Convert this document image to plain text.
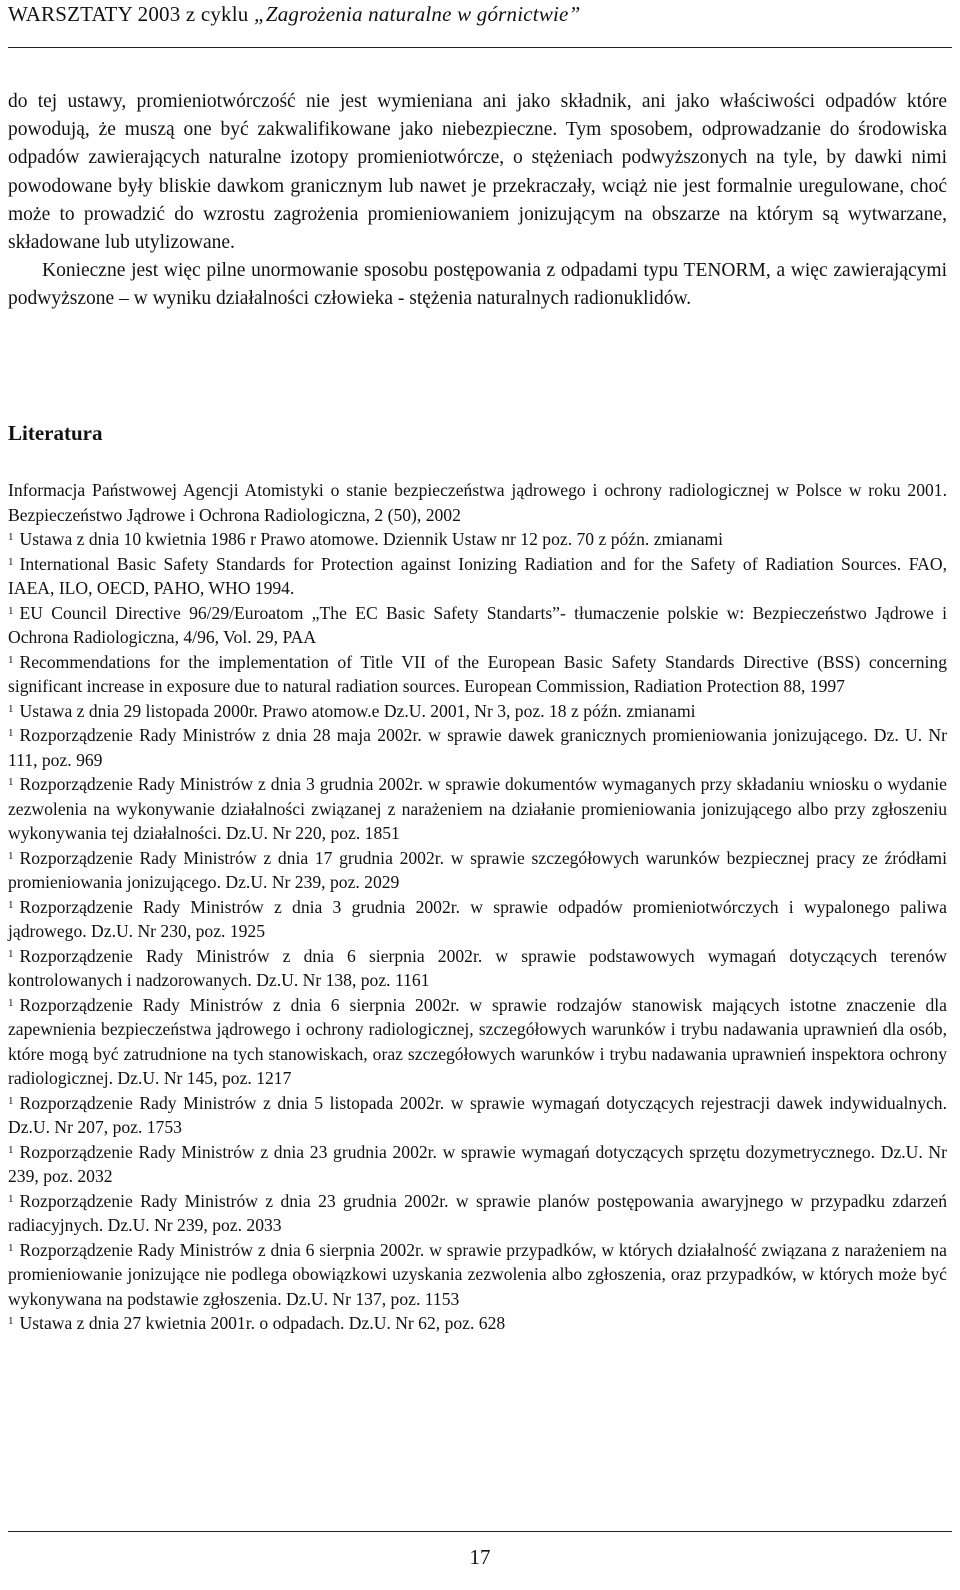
WARSZTATY 2003 z cyklu „Zagrożenia naturalne w górnictwie”

do tej ustawy, promieniotwórczość nie jest wymieniana ani jako składnik, ani jako właściwości odpadów które powodują, że muszą one być zakwalifikowane jako niebezpieczne. Tym sposobem, odprowadzanie do środowiska odpadów zawierających naturalne izotopy promieniotwórcze, o stężeniach podwyższonych na tyle, by dawki nimi powodowane były bliskie dawkom granicznym lub nawet je przekraczały, wciąż nie jest formalnie uregulowane, choć może to prowadzić do wzrostu zagrożenia promieniowaniem jonizującym na obszarze na którym są wytwarzane, składowane lub utylizowane.

Konieczne jest więc pilne unormowanie sposobu postępowania z odpadami typu TENORM, a więc zawierającymi podwyższone – w wyniku działalności człowieka - stężenia naturalnych radionuklidów.

Literatura

Informacja Państwowej Agencji Atomistyki o stanie bezpieczeństwa jądrowego i ochrony radiologicznej w Polsce w roku 2001. Bezpieczeństwo Jądrowe i Ochrona Radiologiczna, 2 (50), 2002

$^1$ Ustawa z dnia 10 kwietnia 1986 r Prawo atomowe. Dziennik Ustaw nr 12 poz. 70 z późn. zmianami

$^1$ International Basic Safety Standards for Protection against Ionizing Radiation and for the Safety of Radiation Sources. FAO, IAEA, ILO, OECD, PAHO, WHO 1994.

$^1$ EU Council Directive 96/29/Euroatom „The EC Basic Safety Standarts”- tłumaczenie polskie w: Bezpieczeństwo Jądrowe i Ochrona Radiologiczna, 4/96, Vol. 29, PAA

$^1$ Recommendations for the implementation of Title VII of the European Basic Safety Standards Directive (BSS) concerning significant increase in exposure due to natural radiation sources. European Commission, Radiation Protection 88, 1997

$^1$ Ustawa z dnia 29 listopada 2000r. Prawo atomow.e Dz.U. 2001, Nr 3, poz. 18 z późn. zmianami

$^1$ Rozporządzenie Rady Ministrów z dnia 28 maja 2002r. w sprawie dawek granicznych promieniowania jonizującego. Dz. U. Nr 111, poz. 969

$^1$ Rozporządzenie Rady Ministrów z dnia 3 grudnia 2002r. w sprawie dokumentów wymaganych przy składaniu wniosku o wydanie zezwolenia na wykonywanie działalności związanej z narażeniem na działanie promieniowania jonizującego albo przy zgłoszeniu wykonywania tej działalności. Dz.U. Nr 220, poz. 1851

$^1$ Rozporządzenie Rady Ministrów z dnia 17 grudnia 2002r. w sprawie szczegółowych warunków bezpiecznej pracy ze źródłami promieniowania jonizującego. Dz.U. Nr 239, poz. 2029

$^1$ Rozporządzenie Rady Ministrów z dnia 3 grudnia 2002r. w sprawie odpadów promieniotwórczych i wypalonego paliwa jądrowego. Dz.U. Nr 230, poz. 1925

$^1$ Rozporządzenie Rady Ministrów z dnia 6 sierpnia 2002r. w sprawie podstawowych wymagań dotyczących terenów kontrolowanych i nadzorowanych. Dz.U. Nr 138, poz. 1161

$^1$ Rozporządzenie Rady Ministrów z dnia 6 sierpnia 2002r. w sprawie rodzajów stanowisk mających istotne znaczenie dla zapewnienia bezpieczeństwa jądrowego i ochrony radiologicznej, szczegółowych warunków i trybu nadawania uprawnień dla osób, które mogą być zatrudnione na tych stanowiskach, oraz szczegółowych warunków i trybu nadawania uprawnień inspektora ochrony radiologicznej. Dz.U. Nr 145, poz. 1217

$^1$ Rozporządzenie Rady Ministrów z dnia 5 listopada 2002r. w sprawie wymagań dotyczących rejestracji dawek indywidualnych. Dz.U. Nr 207, poz. 1753

$^1$ Rozporządzenie Rady Ministrów z dnia 23 grudnia 2002r. w sprawie wymagań dotyczących sprzętu dozymetrycznego. Dz.U. Nr 239, poz. 2032

$^1$ Rozporządzenie Rady Ministrów z dnia 23 grudnia 2002r. w sprawie planów postępowania awaryjnego w przypadku zdarzeń radiacyjnych. Dz.U. Nr 239, poz. 2033

$^1$ Rozporządzenie Rady Ministrów z dnia 6 sierpnia 2002r. w sprawie przypadków, w których działalność związana z narażeniem na promieniowanie jonizujące nie podlega obowiązkowi uzyskania zezwolenia albo zgłoszenia, oraz przypadków, w których może być wykonywana na podstawie zgłoszenia. Dz.U. Nr 137, poz. 1153

$^1$ Ustawa z dnia 27 kwietnia 2001r. o odpadach. Dz.U. Nr 62, poz. 628

17
